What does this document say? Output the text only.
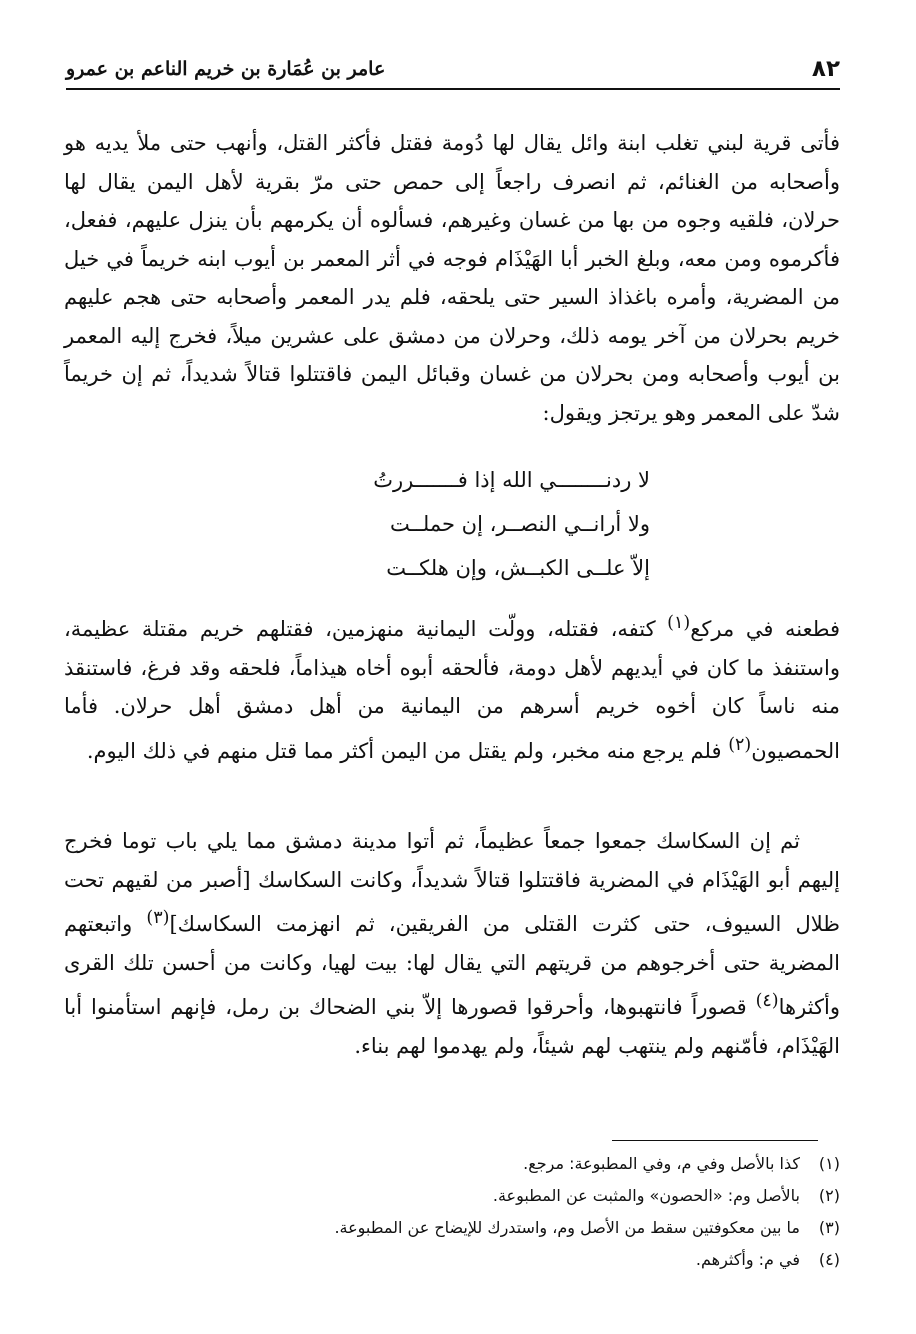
٨٢
عامر بن عُمَارة بن خريم الناعم بن عمرو

فأتى قرية لبني تغلب ابنة وائل يقال لها دُومة فقتل فأكثر القتل، وأنهب حتى ملأ يديه هو وأصحابه من الغنائم، ثم انصرف راجعاً إلى حمص حتى مرّ بقرية لأهل اليمن يقال لها حرلان، فلقيه وجوه من بها من غسان وغيرهم، فسألوه أن يكرمهم بأن ينزل عليهم، ففعل، فأكرموه ومن معه، وبلغ الخبر أبا الهَيْذَام فوجه في أثر المعمر بن أيوب ابنه خريماً في خيل من المضرية، وأمره باغذاذ السير حتى يلحقه، فلم يدر المعمر وأصحابه حتى هجم عليهم خريم بحرلان من آخر يومه ذلك، وحرلان من دمشق على عشرين ميلاً، فخرج إليه المعمر بن أيوب وأصحابه ومن بحرلان من غسان وقبائل اليمن فاقتتلوا قتالاً شديداً، ثم إن خريماً شدّ على المعمر وهو يرتجز ويقول:

لا ردنــــــــي الله إذا فـــــــررتُ
ولا أرانــي النصــر، إن حملــت
إلاّ علــى الكبــش، وإن هلكــت

فطعنه في مركع$^{(١)}$ كتفه، فقتله، وولّت اليمانية منهزمين، فقتلهم خريم مقتلة عظيمة، واستنفذ ما كان في أيديهم لأهل دومة، فألحقه أبوه أخاه هيذاماً، فلحقه وقد فرغ، فاستنقذ منه ناساً كان أخوه خريم أسرهم من اليمانية من أهل دمشق أهل حرلان. فأما الحمصيون$^{(٢)}$ فلم يرجع منه مخبر، ولم يقتل من اليمن أكثر مما قتل منهم في ذلك اليوم.

ثم إن السكاسك جمعوا جمعاً عظيماً، ثم أتوا مدينة دمشق مما يلي باب توما فخرج إليهم أبو الهَيْذَام في المضرية فاقتتلوا قتالاً شديداً، وكانت السكاسك [أصبر من لقيهم تحت ظلال السيوف، حتى كثرت القتلى من الفريقين، ثم انهزمت السكاسك]$^{(٣)}$ واتبعتهم المضرية حتى أخرجوهم من قريتهم التي يقال لها: بيت لهيا، وكانت من أحسن تلك القرى وأكثرها$^{(٤)}$ قصوراً فانتهبوها، وأحرقوا قصورها إلاّ بني الضحاك بن رمل، فإنهم استأمنوا أبا الهَيْذَام، فأمّنهم ولم ينتهب لهم شيئاً، ولم يهدموا لهم بناء.

(١)كذا بالأصل وفي م، وفي المطبوعة: مرجع.
(٢)بالأصل وم: «الحصون» والمثبت عن المطبوعة.
(٣)ما بين معكوفتين سقط من الأصل وم، واستدرك للإيضاح عن المطبوعة.
(٤)في م: وأكثرهم.
